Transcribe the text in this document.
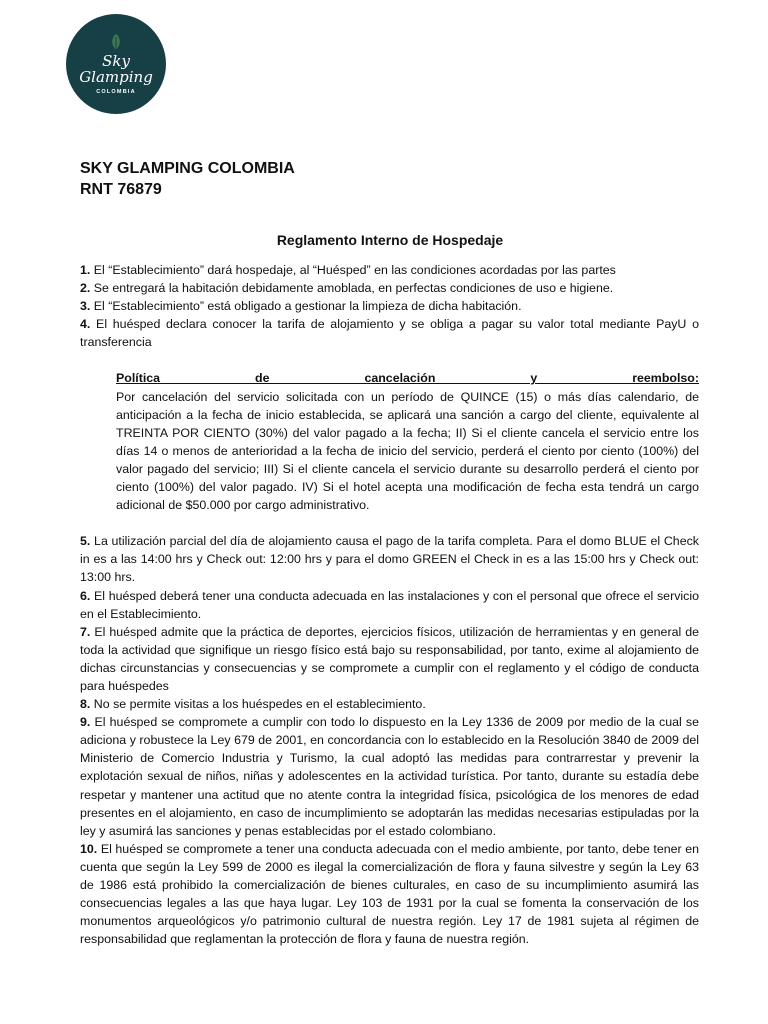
Sky
Glamping
COLOMBIA
SKY GLAMPING COLOMBIA
RNT 76879
Reglamento Interno de Hospedaje

1. El “Establecimiento” dará hospedaje, al “Huésped” en las condiciones acordadas por las partes

2. Se entregará la habitación debidamente amoblada, en perfectas condiciones de uso e higiene.

3. El “Establecimiento” está obligado a gestionar la limpieza de dicha habitación.

4. El huésped declara conocer la tarifa de alojamiento y se obliga a pagar su valor total mediante PayU o transferencia

Política de cancelación y reembolso:
Por cancelación del servicio solicitada con un período de QUINCE (15) o más días calendario, de anticipación a la fecha de inicio establecida, se aplicará una sanción a cargo del cliente, equivalente al TREINTA POR CIENTO (30%) del valor pagado a la fecha; II) Si el cliente cancela el servicio entre los días 14 o menos de anterioridad a la fecha de inicio del servicio, perderá el ciento por ciento (100%) del valor pagado del servicio; III) Si el cliente cancela el servicio durante su desarrollo perderá el ciento por ciento (100%) del valor pagado. IV) Si el hotel acepta una modificación de fecha esta tendrá un cargo adicional de $50.000 por cargo administrativo.

5. La utilización parcial del día de alojamiento causa el pago de la tarifa completa. Para el domo BLUE el Check in es a las 14:00 hrs y Check out: 12:00 hrs y para el domo GREEN el Check in es a las 15:00 hrs y Check out: 13:00 hrs.

6. El huésped deberá tener una conducta adecuada en las instalaciones y con el personal que ofrece el servicio en el Establecimiento.

7. El huésped admite que la práctica de deportes, ejercicios físicos, utilización de herramientas y en general de toda la actividad que signifique un riesgo físico está bajo su responsabilidad, por tanto, exime al alojamiento de dichas circunstancias y consecuencias y se compromete a cumplir con el reglamento y el código de conducta para huéspedes

8. No se permite visitas a los huéspedes en el establecimiento.

9. El huésped se compromete a cumplir con todo lo dispuesto en la Ley 1336 de 2009 por medio de la cual se adiciona y robustece la Ley 679 de 2001, en concordancia con lo establecido en la Resolución 3840 de 2009 del Ministerio de Comercio Industria y Turismo, la cual adoptó las medidas para contrarrestar y prevenir la explotación sexual de niños, niñas y adolescentes en la actividad turística. Por tanto, durante su estadía debe respetar y mantener una actitud que no atente contra la integridad física, psicológica de los menores de edad presentes en el alojamiento, en caso de incumplimiento se adoptarán las medidas necesarias estipuladas por la ley y asumirá las sanciones y penas establecidas por el estado colombiano.

10. El huésped se compromete a tener una conducta adecuada con el medio ambiente, por tanto, debe tener en cuenta que según la Ley 599 de 2000 es ilegal la comercialización de flora y fauna silvestre y según la Ley 63 de 1986 está prohibido la comercialización de bienes culturales, en caso de su incumplimiento asumirá las consecuencias legales a las que haya lugar. Ley 103 de 1931 por la cual se fomenta la conservación de los monumentos arqueológicos y/o patrimonio cultural de nuestra región. Ley 17 de 1981 sujeta al régimen de responsabilidad que reglamentan la protección de flora y fauna de nuestra región.
